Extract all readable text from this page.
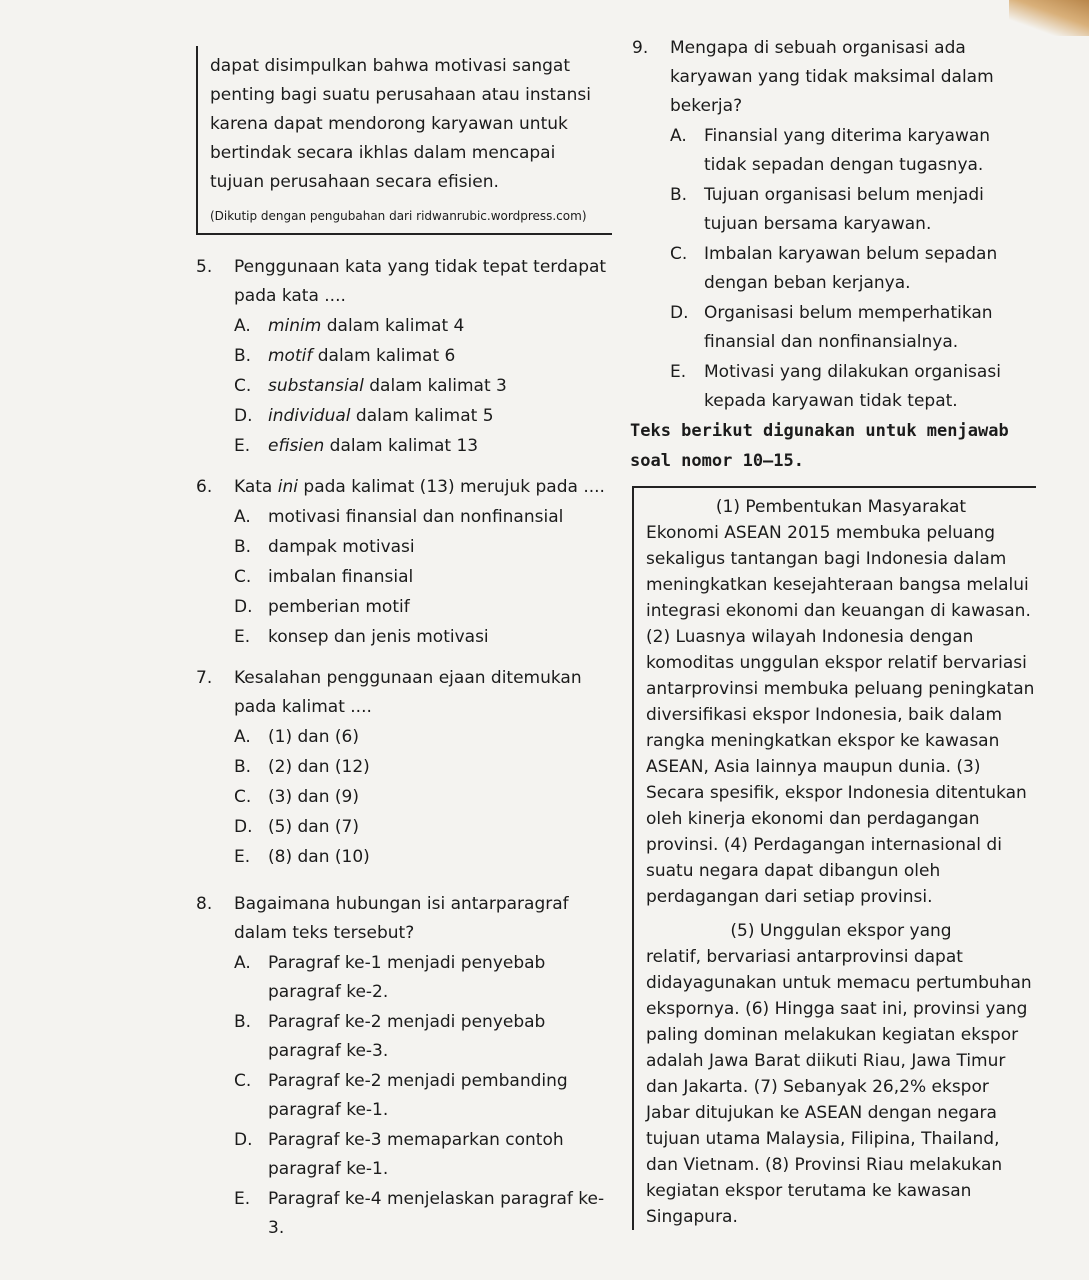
dapat disimpulkan bahwa motivasi sangat penting bagi suatu perusahaan atau instansi karena dapat mendorong karyawan untuk bertindak secara ikhlas dalam mencapai tujuan perusahaan secara efisien.

(Dikutip dengan pengubahan dari ridwanrubic.wordpress.com)
5.	Penggunaan kata yang tidak tepat terdapat pada kata ....
A.	minim dalam kalimat 4
B. motif dalam kalimat 6
C. substansial dalam kalimat 3
D. individual dalam kalimat 5
E.	efisien dalam kalimat 13
6.	Kata ini pada kalimat (13) merujuk pada ....
A.	motivasi finansial dan nonfinansial
B. dampak motivasi
C. imbalan finansial
D. pemberian motif
E.	konsep dan jenis motivasi
7.	Kesalahan penggunaan ejaan ditemukan pada kalimat ....
A.	(1) dan (6)
B. (2) dan (12)
C. (3) dan (9)
D. (5) dan (7)
E.	(8) dan (10)
8.	Bagaimana hubungan isi antarparagraf dalam teks tersebut?
A.	Paragraf ke-1 menjadi penyebab paragraf ke-2.
B. Paragraf ke-2 menjadi penyebab paragraf ke-3.
C. Paragraf ke-2 menjadi pembanding paragraf ke-1.
D. Paragraf ke-3 memaparkan contoh paragraf ke-1.
E.	Paragraf ke-4 menjelaskan paragraf ke-3.
9.	Mengapa di sebuah organisasi ada karyawan yang tidak maksimal dalam bekerja?
A.	Finansial yang diterima karyawan tidak sepadan dengan tugasnya.
B. Tujuan organisasi belum menjadi tujuan bersama karyawan.
C. Imbalan karyawan belum sepadan dengan beban kerjanya.
D. Organisasi belum memperhatikan finansial dan nonfinansialnya.
E.	Motivasi yang dilakukan organisasi kepada karyawan tidak tepat.
Teks berikut digunakan untuk menjawab soal nomor 10–15.
(1) Pembentukan Masyarakat

Ekonomi ASEAN 2015 membuka peluang sekaligus tantangan bagi Indonesia dalam meningkatkan kesejahteraan bangsa melalui integrasi ekonomi dan keuangan di kawasan. (2) Luasnya wilayah Indonesia dengan komoditas unggulan ekspor relatif bervariasi antarprovinsi membuka peluang peningkatan diversifikasi ekspor Indonesia, baik dalam rangka meningkatkan ekspor ke kawasan ASEAN, Asia lainnya maupun dunia. (3) Secara spesifik, ekspor Indonesia ditentukan oleh kinerja ekonomi dan perdagangan provinsi. (4) Perdagangan internasional di suatu negara dapat dibangun oleh perdagangan dari setiap provinsi.

(5) Unggulan ekspor yang

relatif, bervariasi antarprovinsi dapat didayagunakan untuk memacu pertumbuhan ekspornya. (6) Hingga saat ini, provinsi yang paling dominan melakukan kegiatan ekspor adalah Jawa Barat diikuti Riau, Jawa Timur dan Jakarta. (7) Sebanyak 26,2% ekspor Jabar ditujukan ke ASEAN dengan negara tujuan utama Malaysia, Filipina, Thailand, dan Vietnam. (8) Provinsi Riau melakukan kegiatan ekspor terutama ke kawasan Singapura.
